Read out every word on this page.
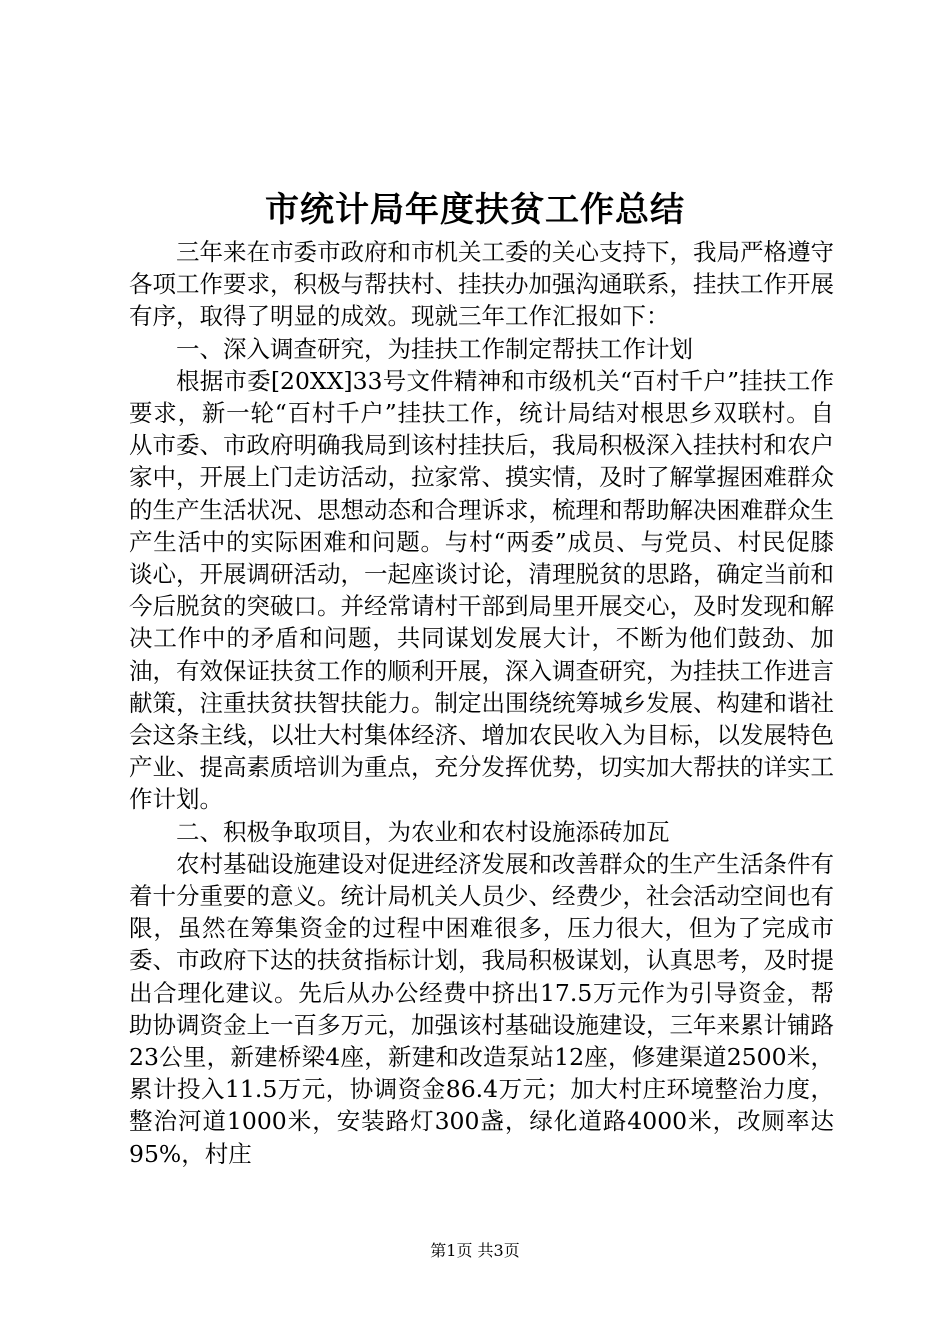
市统计局年度扶贫工作总结

三年来在市委市政府和市机关工委的关心支持下，我局严格遵守各项工作要求，积极与帮扶村、挂扶办加强沟通联系，挂扶工作开展有序，取得了明显的成效。现就三年工作汇报如下：

一、深入调查研究，为挂扶工作制定帮扶工作计划

根据市委[20XX]33号文件精神和市级机关“百村千户”挂扶工作要求，新一轮“百村千户”挂扶工作，统计局结对根思乡双联村。自从市委、市政府明确我局到该村挂扶后，我局积极深入挂扶村和农户家中，开展上门走访活动，拉家常、摸实情，及时了解掌握困难群众的生产生活状况、思想动态和合理诉求，梳理和帮助解决困难群众生产生活中的实际困难和问题。与村“两委”成员、与党员、村民促膝谈心，开展调研活动，一起座谈讨论，清理脱贫的思路，确定当前和今后脱贫的突破口。并经常请村干部到局里开展交心，及时发现和解决工作中的矛盾和问题，共同谋划发展大计，不断为他们鼓劲、加油，有效保证扶贫工作的顺利开展，深入调查研究，为挂扶工作进言献策，注重扶贫扶智扶能力。制定出围绕统筹城乡发展、构建和谐社会这条主线，以壮大村集体经济、增加农民收入为目标，以发展特色产业、提高素质培训为重点，充分发挥优势，切实加大帮扶的详实工作计划。

二、积极争取项目，为农业和农村设施添砖加瓦

农村基础设施建设对促进经济发展和改善群众的生产生活条件有着十分重要的意义。统计局机关人员少、经费少，社会活动空间也有限，虽然在筹集资金的过程中困难很多，压力很大，但为了完成市委、市政府下达的扶贫指标计划，我局积极谋划，认真思考，及时提出合理化建议。先后从办公经费中挤出17.5万元作为引导资金，帮助协调资金上一百多万元，加强该村基础设施建设，三年来累计铺路23公里，新建桥梁4座，新建和改造泵站12座，修建渠道2500米，累计投入11.5万元，协调资金86.4万元；加大村庄环境整治力度，整治河道1000米，安装路灯300盏，绿化道路4000米，改厕率达95%，村庄

第1页 共3页
